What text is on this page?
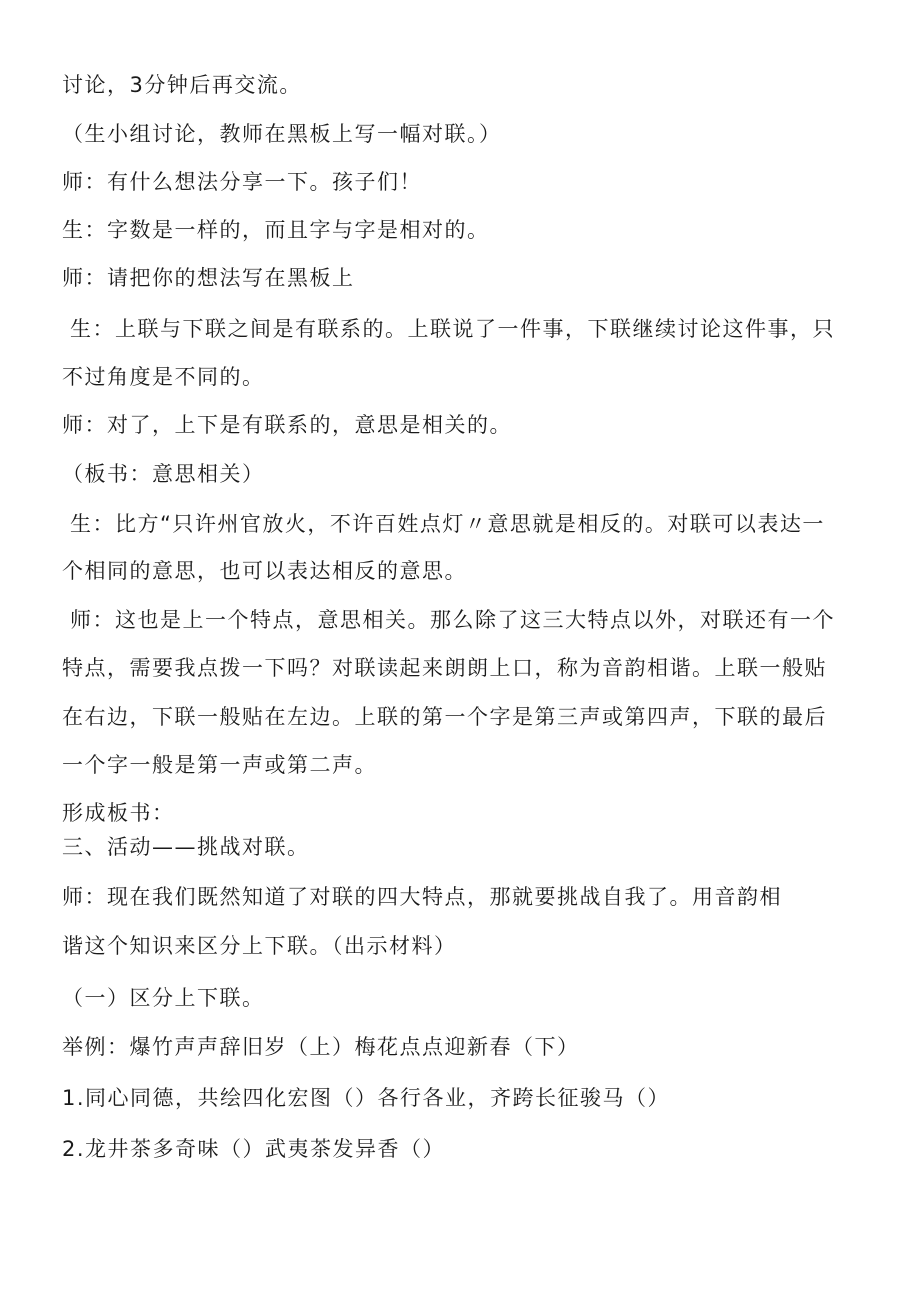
讨论，3分钟后再交流。
（生小组讨论，教师在黑板上写一幅对联。）
师：有什么想法分享一下。孩子们！
生：字数是一样的，而且字与字是相对的。
师：请把你的想法写在黑板上
生：上联与下联之间是有联系的。上联说了一件事，下联继续讨论这件事，只
不过角度是不同的。
师：对了，上下是有联系的，意思是相关的。
（板书：意思相关）
生：比方“只许州官放火，不许百姓点灯〃意思就是相反的。对联可以表达一
个相同的意思，也可以表达相反的意思。
师：这也是上一个特点，意思相关。那么除了这三大特点以外，对联还有一个
特点，需要我点拨一下吗？对联读起来朗朗上口，称为音韵相谐。上联一般贴
在右边，下联一般贴在左边。上联的第一个字是第三声或第四声，下联的最后
一个字一般是第一声或第二声。
形成板书：
三、活动——挑战对联。
师：现在我们既然知道了对联的四大特点，那就要挑战自我了。用音韵相
谐这个知识来区分上下联。（出示材料）
（一）区分上下联。
举例：爆竹声声辞旧岁（上）梅花点点迎新春（下）
1.同心同德，共绘四化宏图（）各行各业，齐跨长征骏马（）
2.龙井茶多奇味（）武夷茶发异香（）
